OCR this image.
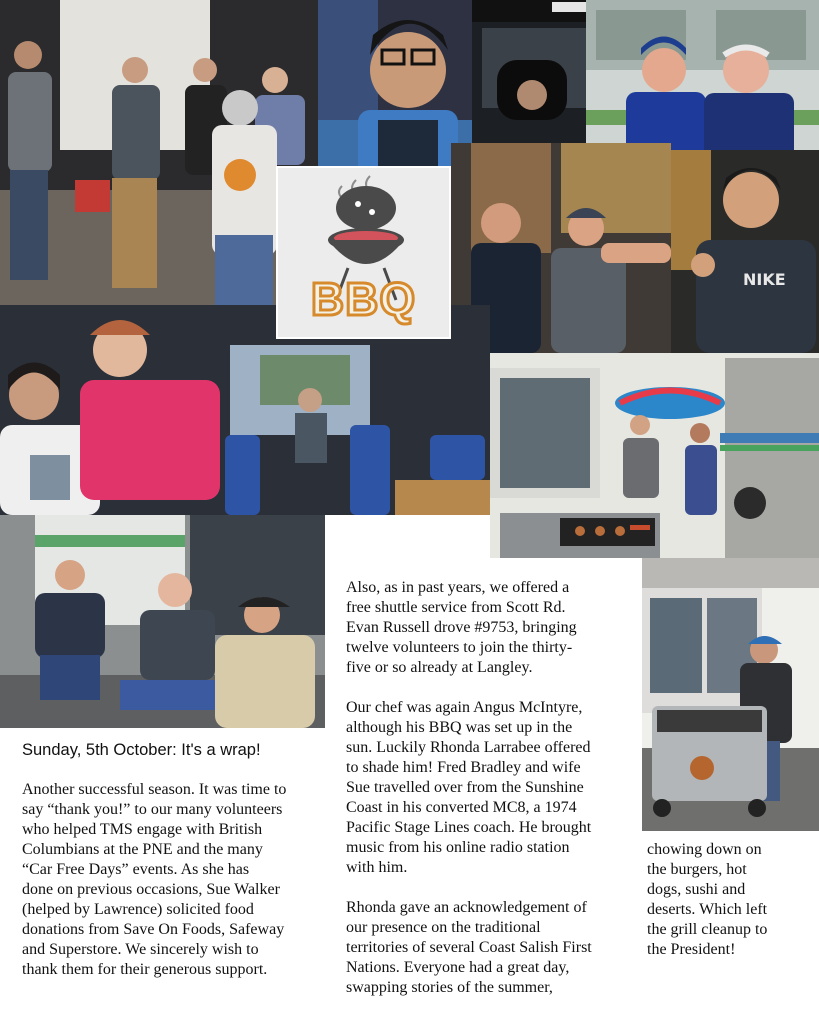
NIKE
BBQ
Sunday, 5th October: It's a wrap!
Another successful season. It was time to
say “thank you!” to our many volunteers
who helped TMS engage with British
Columbians at the PNE and the many
“Car Free Days” events. As she has
done on previous occasions, Sue Walker
(helped by Lawrence) solicited food
donations from Save On Foods, Safeway
and Superstore. We sincerely wish to
thank them for their generous support.
Also, as in past years, we offered a
free shuttle service from Scott Rd.
Evan Russell drove #9753, bringing
twelve volunteers to join the thirty-
five or so already at Langley.
Our chef was again Angus McIntyre,
although his BBQ was set up in the
sun. Luckily Rhonda Larrabee offered
to shade him! Fred Bradley and wife
Sue travelled over from the Sunshine
Coast in his converted MC8, a 1974
Pacific Stage Lines coach. He brought
music from his online radio station
with him.
Rhonda gave an acknowledgement of
our presence on the traditional
territories of several Coast Salish First
Nations. Everyone had a great day,
swapping stories of the summer,
chowing down on
the burgers, hot
dogs, sushi and
deserts. Which left
the grill cleanup to
the President!
